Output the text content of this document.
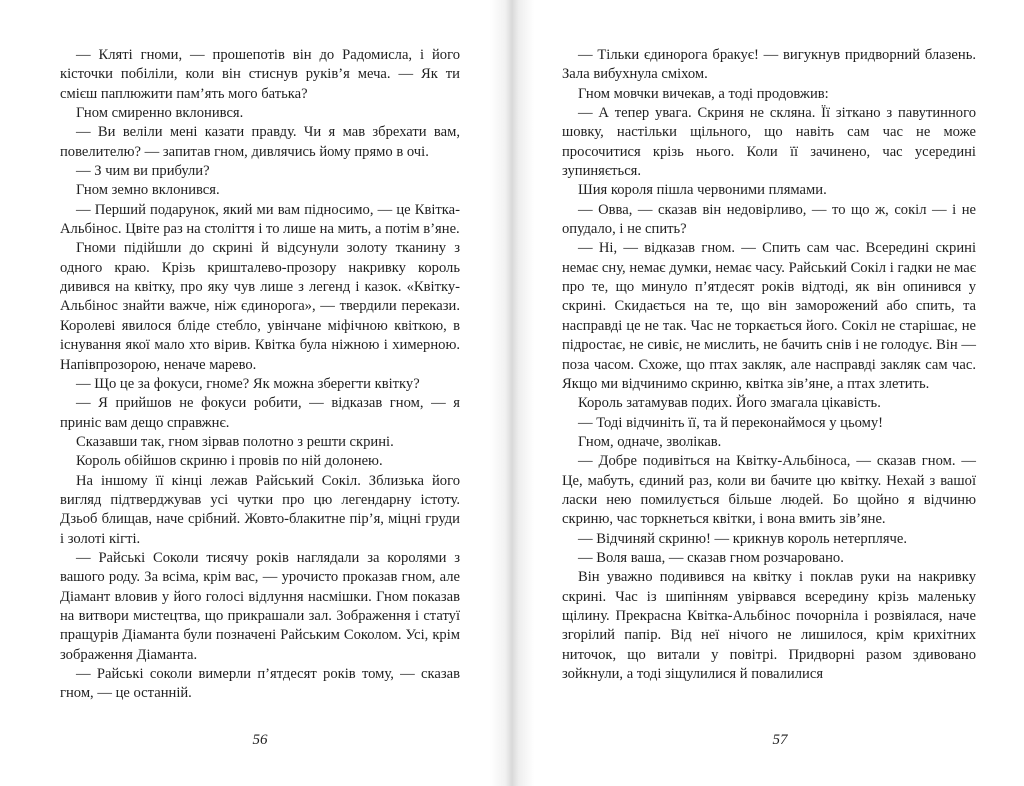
— Кляті гноми, — прошепотів він до Радомисла, і його кісточки побіліли, коли він стиснув руків’я меча. — Як ти смієш паплюжити пам’ять мого батька?

Гном смиренно вклонився.

— Ви веліли мені казати правду. Чи я мав збрехати вам, повелителю? — запитав гном, дивлячись йому прямо в очі.

— З чим ви прибули?

Гном земно вклонився.

— Перший подарунок, який ми вам підносимо, — це Квітка-Альбінос. Цвіте раз на століття і то лише на мить, а потім в’яне.

Гноми підійшли до скрині й відсунули золоту тканину з одного краю. Крізь кришталево-прозору накривку король дивився на квітку, про яку чув лише з легенд і казок. «Квітку-Альбінос знайти важче, ніж єдинорога», — твердили перекази. Королеві явилося бліде стебло, увінчане міфічною квіткою, в існування якої мало хто вірив. Квітка була ніжною і химерною. Напівпрозорою, неначе марево.

— Що це за фокуси, гноме? Як можна зберегти квітку?

— Я прийшов не фокуси робити, — відказав гном, — я приніс вам дещо справжнє.

Сказавши так, гном зірвав полотно з решти скрині.

Король обійшов скриню і провів по ній долонею.

На іншому її кінці лежав Райський Сокіл. Зблизька його вигляд підтверджував усі чутки про цю легендарну істоту. Дзьоб блищав, наче срібний. Жовто-блакитне пір’я, міцні груди і золоті кігті.

— Райські Соколи тисячу років наглядали за королями з вашого роду. За всіма, крім вас, — урочисто проказав гном, але Діамант вловив у його голосі відлуння насмішки. Гном показав на витвори мистецтва, що прикрашали зал. Зображення і статуї пращурів Діаманта були позначені Райським Соколом. Усі, крім зображення Діаманта.

— Райські соколи вимерли п’ятдесят років тому, — сказав гном, — це останній.

56

— Тільки єдинорога бракує! — вигукнув придворний блазень. Зала вибухнула сміхом.

Гном мовчки вичекав, а тоді продовжив:

— А тепер увага. Скриня не скляна. Її зіткано з павутинного шовку, настільки щільного, що навіть сам час не може просочитися крізь нього. Коли її зачинено, час усередині зупиняється.

Шия короля пішла червоними плямами.

— Овва, — сказав він недовірливо, — то що ж, сокіл — і не опудало, і не спить?

— Ні, — відказав гном. — Спить сам час. Всередині скрині немає сну, немає думки, немає часу. Райський Сокіл і гадки не має про те, що минуло п’ятдесят років відтоді, як він опинився у скрині. Скидається на те, що він заморожений або спить, та насправді це не так. Час не торкається його. Сокіл не старішає, не підростає, не сивіє, не мислить, не бачить снів і не голодує. Він — поза часом. Схоже, що птах закляк, але насправді закляк сам час. Якщо ми відчинимо скриню, квітка зів’яне, а птах злетить.

Король затамував подих. Його змагала цікавість.

— Тоді відчиніть її, та й переконаймося у цьому!

Гном, одначе, зволікав.

— Добре подивіться на Квітку-Альбіноса, — сказав гном. — Це, мабуть, єдиний раз, коли ви бачите цю квітку. Нехай з вашої ласки нею помилується більше людей. Бо щойно я відчиню скриню, час торкнеться квітки, і вона вмить зів’яне.

— Відчиняй скриню! — крикнув король нетерпляче.

— Воля ваша, — сказав гном розчаровано.

Він уважно подивився на квітку і поклав руки на накривку скрині. Час із шипінням увірвався всередину крізь маленьку щілину. Прекрасна Квітка-Альбінос почорніла і розвіялася, наче згорілий папір. Від неї нічого не лишилося, крім крихітних ниточок, що витали у повітрі. Придворні разом здивовано зойкнули, а тоді зіщулилися й повалилися

57
